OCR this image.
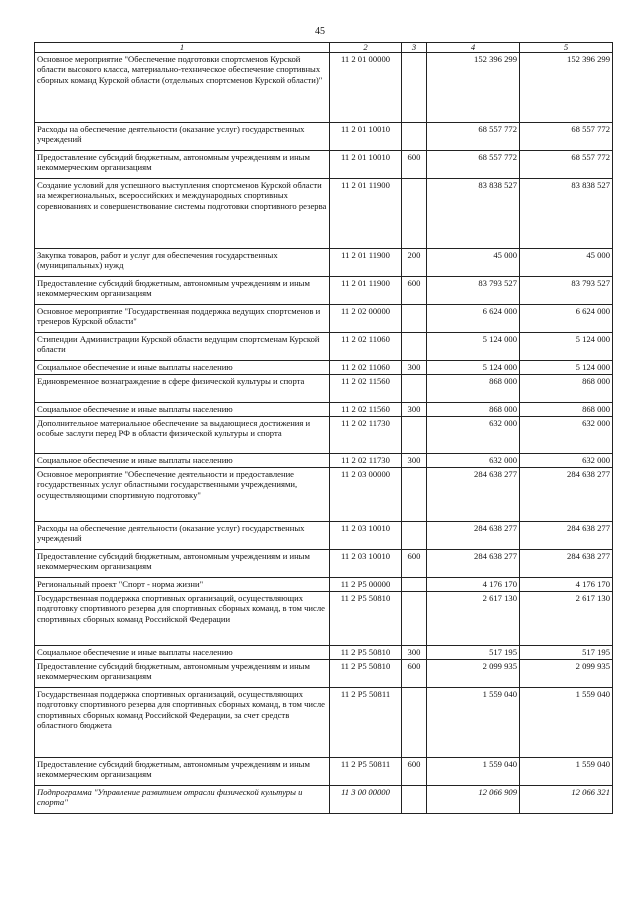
45
1	2	3	4	5
Основное мероприятие "Обеспечение подготовки спортсменов Курской области высокого класса, материально-техническое обеспечение спортивных сборных команд Курской области (отдельных спортсменов Курской области)"	11 2 01 00000		152 396 299	152 396 299
Расходы на обеспечение деятельности (оказание услуг) государственных учреждений	11 2 01 10010		68 557 772	68 557 772
Предоставление субсидий бюджетным, автономным учреждениям и иным некоммерческим организациям	11 2 01 10010	600	68 557 772	68 557 772
Создание условий для успешного выступления спортсменов Курской области на межрегиональных, всероссийских и международных спортивных соревнованиях и совершенствование системы подготовки спортивного резерва	11 2 01 11900		83 838 527	83 838 527
Закупка товаров, работ и услуг для обеспечения государственных (муниципальных) нужд	11 2 01 11900	200	45 000	45 000
Предоставление субсидий бюджетным, автономным учреждениям и иным некоммерческим организациям	11 2 01 11900	600	83 793 527	83 793 527
Основное мероприятие "Государственная поддержка ведущих спортсменов и тренеров Курской области"	11 2 02 00000		6 624 000	6 624 000
Стипендии Администрации Курской области ведущим спортсменам Курской области	11 2 02 11060		5 124 000	5 124 000
Социальное обеспечение и иные выплаты населению	11 2 02 11060	300	5 124 000	5 124 000
Единовременное вознаграждение в сфере физической культуры и спорта	11 2 02 11560		868 000	868 000
Социальное обеспечение и иные выплаты населению	11 2 02 11560	300	868 000	868 000
Дополнительное материальное обеспечение за выдающиеся достижения и особые заслуги перед РФ в области физической культуры и спорта	11 2 02 11730		632 000	632 000
Социальное обеспечение и иные выплаты населению	11 2 02 11730	300	632 000	632 000
Основное мероприятие "Обеспечение деятельности и предоставление государственных услуг областными государственными учреждениями, осуществляющими спортивную подготовку"	11 2 03 00000		284 638 277	284 638 277
Расходы на обеспечение деятельности (оказание услуг) государственных учреждений	11 2 03 10010		284 638 277	284 638 277
Предоставление субсидий бюджетным, автономным учреждениям и иным некоммерческим организациям	11 2 03 10010	600	284 638 277	284 638 277
Региональный проект "Спорт - норма жизни"	11 2 P5 00000		4 176 170	4 176 170
Государственная поддержка спортивных организаций, осуществляющих подготовку спортивного резерва для спортивных сборных команд, в том числе спортивных сборных команд Российской Федерации	11 2 P5 50810		2 617 130	2 617 130
Социальное обеспечение и иные выплаты населению	11 2 P5 50810	300	517 195	517 195
Предоставление субсидий бюджетным, автономным учреждениям и иным некоммерческим организациям	11 2 P5 50810	600	2 099 935	2 099 935
Государственная поддержка спортивных организаций, осуществляющих подготовку спортивного резерва для спортивных сборных команд, в том числе спортивных сборных команд Российской Федерации, за счет средств областного бюджета	11 2 P5 50811		1 559 040	1 559 040
Предоставление субсидий бюджетным, автономным учреждениям и иным некоммерческим организациям	11 2 P5 50811	600	1 559 040	1 559 040
Подпрограмма "Управление развитием отрасли физической культуры и спорта"	11 3 00 00000		12 066 909	12 066 321
